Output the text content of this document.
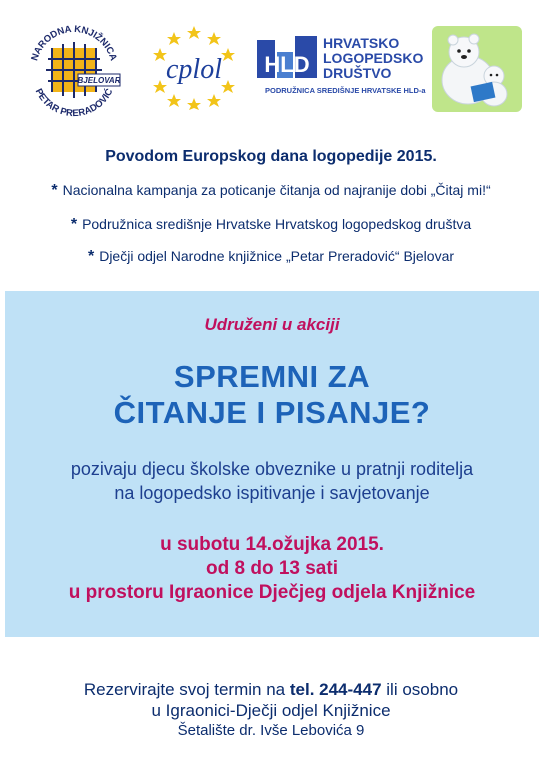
NARODNA KNJIŽNICA
PETAR PRERADOVIĆ
BJELOVAR cplol HLD
HRVATSKO
LOGOPEDSKO
DRUŠTVO
PODRUŽNICA SREDIŠNJE HRVATSKE HLD-a
Povodom Europskog dana logopedije 2015.
* Nacionalna kampanja za poticanje čitanja od najranije dobi „Čitaj mi!“
* Podružnica središnje Hrvatske Hrvatskog logopedskog društva
* Dječji odjel Narodne knjižnice „Petar Preradović“ Bjelovar
Udruženi u akciji
SPREMNI ZA
ČITANJE I PISANJE?
pozivaju djecu školske obveznike u pratnji roditelja
na logopedsko ispitivanje i savjetovanje
u subotu 14.ožujka 2015.
od 8 do 13 sati
u prostoru Igraonice Dječjeg odjela Knjižnice
Rezervirajte svoj termin na tel. 244-447 ili osobno
u Igraonici-Dječji odjel Knjižnice
Šetalište dr. Ivše Lebovića 9
